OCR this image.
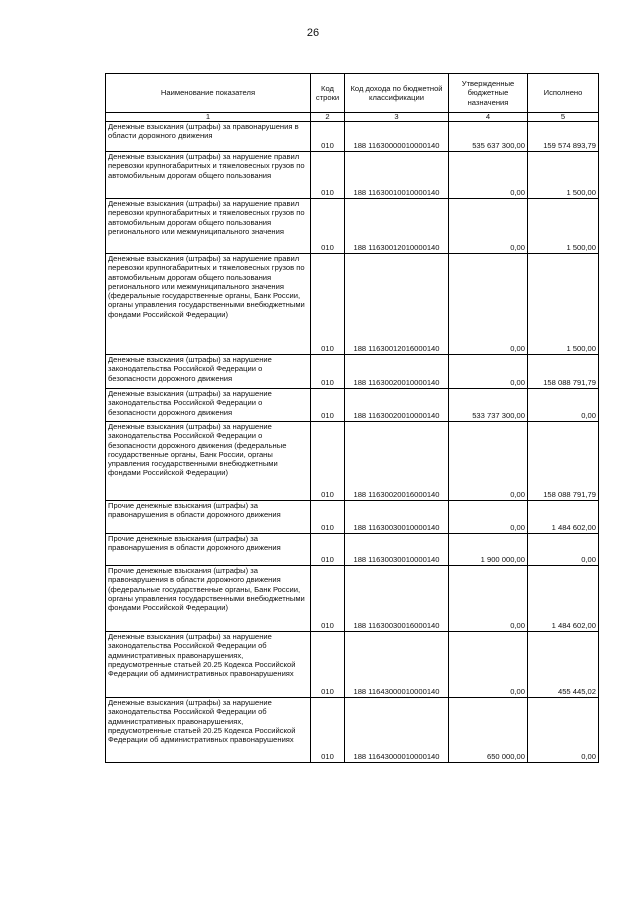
26
Наименование показателя	Код строки	Код дохода по бюджетной классификации	Утвержденные бюджетные назначения	Исполнено
1	2	3	4	5
Денежные взыскания (штрафы) за правонарушения в области дорожного движения	010	188 11630000010000140	535 637 300,00	159 574 893,79
Денежные взыскания (штрафы) за нарушение правил перевозки крупногабаритных и тяжеловесных грузов по автомобильным дорогам общего пользования	010	188 11630010010000140	0,00	1 500,00
Денежные взыскания (штрафы) за нарушение правил перевозки крупногабаритных и тяжеловесных грузов по автомобильным дорогам общего пользования регионального или межмуниципального значения	010	188 11630012010000140	0,00	1 500,00
Денежные взыскания (штрафы) за нарушение правил перевозки крупногабаритных и тяжеловесных грузов по автомобильным дорогам общего пользования регионального или межмуниципального значения (федеральные государственные органы, Банк России, органы управления государственными внебюджетными фондами Российской Федерации)	010	188 11630012016000140	0,00	1 500,00
Денежные взыскания (штрафы) за нарушение законодательства Российской Федерации о безопасности дорожного движения	010	188 11630020010000140	0,00	158 088 791,79
Денежные взыскания (штрафы) за нарушение законодательства Российской Федерации о безопасности дорожного движения	010	188 11630020010000140	533 737 300,00	0,00
Денежные взыскания (штрафы) за нарушение законодательства Российской Федерации о безопасности дорожного движения (федеральные государственные органы, Банк России, органы управления государственными внебюджетными фондами Российской Федерации)	010	188 11630020016000140	0,00	158 088 791,79
Прочие денежные взыскания (штрафы) за правонарушения в области дорожного движения	010	188 11630030010000140	0,00	1 484 602,00
Прочие денежные взыскания (штрафы) за правонарушения в области дорожного движения	010	188 11630030010000140	1 900 000,00	0,00
Прочие денежные взыскания (штрафы) за правонарушения в области дорожного движения (федеральные государственные органы, Банк России, органы управления государственными внебюджетными фондами Российской Федерации)	010	188 11630030016000140	0,00	1 484 602,00
Денежные взыскания (штрафы) за нарушение законодательства Российской Федерации об административных правонарушениях, предусмотренные статьей 20.25 Кодекса Российской Федерации об административных правонарушениях	010	188 11643000010000140	0,00	455 445,02
Денежные взыскания (штрафы) за нарушение законодательства Российской Федерации об административных правонарушениях, предусмотренные статьей 20.25 Кодекса Российской Федерации об административных правонарушениях	010	188 11643000010000140	650 000,00	0,00
